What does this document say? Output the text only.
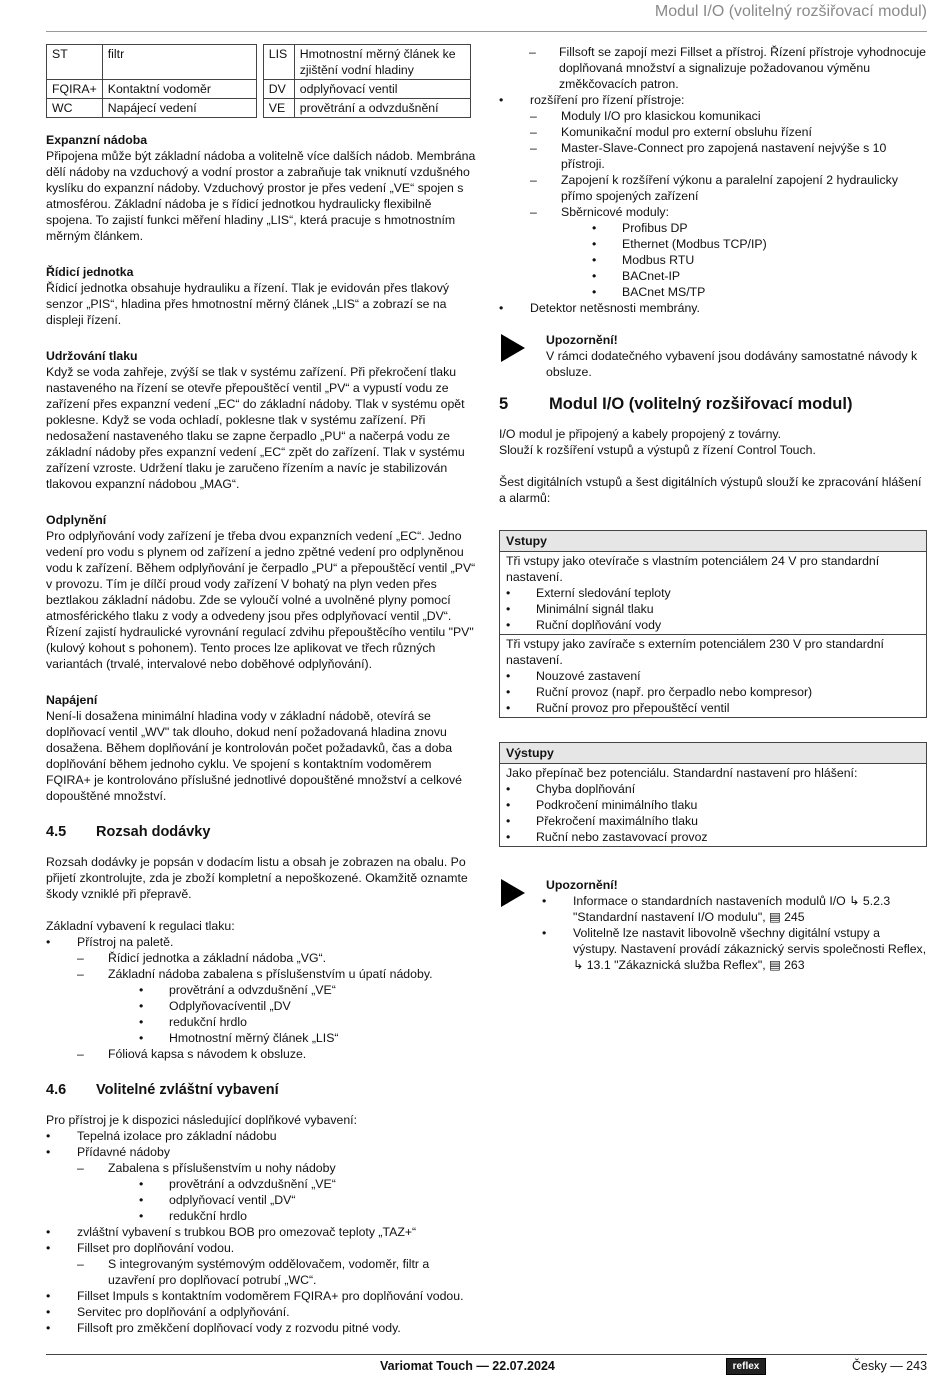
Modul I/O (volitelný rozšiřovací modul)
ST	filtr		LIS	Hmotnostní měrný článek ke zjištění vodní hladiny
FQIRA+	Kontaktní vodoměr		DV	odplyňovací ventil
WC	Napájecí vedení		VE	provětrání a odvzdušnění
Expanzní nádoba

Připojena může být základní nádoba a volitelně více dalších nádob. Membrána dělí nádoby na vzduchový a vodní prostor a zabraňuje tak vniknutí vzdušného kyslíku do expanzní nádoby. Vzduchový prostor je přes vedení „VE“ spojen s atmosférou. Základní nádoba je s řídicí jednotkou hydraulicky flexibilně spojena. To zajistí funkci měření hladiny „LIS“, která pracuje s hmotnostním měrným článkem.

Řídicí jednotka

Řídicí jednotka obsahuje hydrauliku a řízení. Tlak je evidován přes tlakový senzor „PIS“, hladina přes hmotnostní měrný článek „LIS“ a zobrazí se na displeji řízení.

Udržování tlaku

Když se voda zahřeje, zvýší se tlak v systému zařízení. Při překročení tlaku nastaveného na řízení se otevře přepouštěcí ventil „PV“ a vypustí vodu ze zařízení přes expanzní vedení „EC“ do základní nádoby. Tlak v systému opět poklesne. Když se voda ochladí, poklesne tlak v systému zařízení. Při nedosažení nastaveného tlaku se zapne čerpadlo „PU“ a načerpá vodu ze základní nádoby přes expanzní vedení „EC“ zpět do zařízení. Tlak v systému zařízení vzroste. Udržení tlaku je zaručeno řízením a navíc je stabilizován tlakovou expanzní nádobou „MAG“.

Odplynění

Pro odplyňování vody zařízení je třeba dvou expanzních vedení „EC“. Jedno vedení pro vodu s plynem od zařízení a jedno zpětné vedení pro odplyněnou vodu k zařízení. Během odplyňování je čerpadlo „PU“ a přepouštěcí ventil „PV“ v provozu. Tím je dílčí proud vody zařízení V bohatý na plyn veden přes beztlakou základní nádobu. Zde se vyloučí volné a uvolněné plyny pomocí atmosférického tlaku z vody a odvedeny jsou přes odplyňovací ventil „DV“. Řízení zajistí hydraulické vyrovnání regulací zdvihu přepouštěcího ventilu "PV" (kulový kohout s pohonem). Tento proces lze aplikovat ve třech různých variantách (trvalé, intervalové nebo doběhové odplyňování).

Napájení

Není-li dosažena minimální hladina vody v základní nádobě, otevírá se doplňovací ventil „WV" tak dlouho, dokud není požadovaná hladina znovu dosažena. Během doplňování je kontrolován počet požadavků, čas a doba doplňování během jednoho cyklu. Ve spojení s kontaktním vodoměrem FQIRA+ je kontrolováno příslušné jednotlivé dopouštěné množství a celkové dopouštěné množství.

4.5 Rozsah dodávky

Rozsah dodávky je popsán v dodacím listu a obsah je zobrazen na obalu. Po přijetí zkontrolujte, zda je zboží kompletní a nepoškozené. Okamžitě oznamte škody vzniklé při přepravě.

Základní vybavení k regulaci tlaku:

• Přístroj na paletě.
– Řídicí jednotka a základní nádoba „VG“.
– Základní nádoba zabalena s příslušenstvím u úpatí nádoby.
• provětrání a odvzdušnění „VE“
• Odplyňovacíventil „DV
• redukční hrdlo
• Hmotnostní měrný článek „LIS“
– Fóliová kapsa s návodem k obsluze.
4.6 Volitelné zvláštní vybavení

Pro přístroj je k dispozici následující doplňkové vybavení:

• Tepelná izolace pro základní nádobu
• Přídavné nádoby
– Zabalena s příslušenstvím u nohy nádoby
• provětrání a odvzdušnění „VE“
• odplyňovací ventil „DV“
• redukční hrdlo
• zvláštní vybavení s trubkou BOB pro omezovač teploty „TAZ+“
• Fillset pro doplňování vodou.
– S integrovaným systémovým oddělovačem, vodoměr, filtr a uzavření pro doplňovací potrubí „WC“.
• Fillset Impuls s kontaktním vodoměrem FQIRA+ pro doplňování vodou.
• Servitec pro doplňování a odplyňování.
• Fillsoft pro změkčení doplňovací vody z rozvodu pitné vody.
– Fillsoft se zapojí mezi Fillset a přístroj. Řízení přístroje vyhodnocuje doplňovaná množství a signalizuje požadovanou výměnu změkčovacích patron.
• rozšíření pro řízení přístroje:
– Moduly I/O pro klasickou komunikaci
– Komunikační modul pro externí obsluhu řízení
– Master-Slave-Connect pro zapojená nastavení nejvýše s 10 přístroji.
– Zapojení k rozšíření výkonu a paralelní zapojení 2 hydraulicky přímo spojených zařízení
– Sběrnicové moduly:
• Profibus DP
• Ethernet (Modbus TCP/IP)
• Modbus RTU
• BACnet-IP
• BACnet MS/TP
• Detektor netěsnosti membrány.
Upozornění!

V rámci dodatečného vybavení jsou dodávány samostatné návody k obsluze.

5 Modul I/O (volitelný rozšiřovací modul)

I/O modul je připojený a kabely propojený z továrny.

Slouží k rozšíření vstupů a výstupů z řízení Control Touch.

Šest digitálních vstupů a šest digitálních výstupů slouží ke zpracování hlášení a alarmů:

Vstupy

Tři vstupy jako otevírače s vlastním potenciálem 24 V pro standardní nastavení.

• Externí sledování teploty
• Minimální signál tlaku
• Ruční doplňování vody

Tři vstupy jako zavírače s externím potenciálem 230 V pro standardní nastavení.

• Nouzové zastavení
• Ruční provoz (např. pro čerpadlo nebo kompresor)
• Ruční provoz pro přepouštěcí ventil
Výstupy

Jako přepínač bez potenciálu. Standardní nastavení pro hlášení:

• Chyba doplňování
• Podkročení minimálního tlaku
• Překročení maximálního tlaku
• Ruční nebo zastavovací provoz
Upozornění!
• Informace o standardních nastaveních modulů I/O ↳ 5.2.3 "Standardní nastavení I/O modulu", ▤ 245
• Volitelně lze nastavit libovolně všechny digitální vstupy a výstupy. Nastavení provádí zákaznický servis společnosti Reflex, ↳ 13.1 "Zákaznická služba Reflex", ▤ 263
Variomat Touch — 22.07.2024	reflex	Česky — 243
